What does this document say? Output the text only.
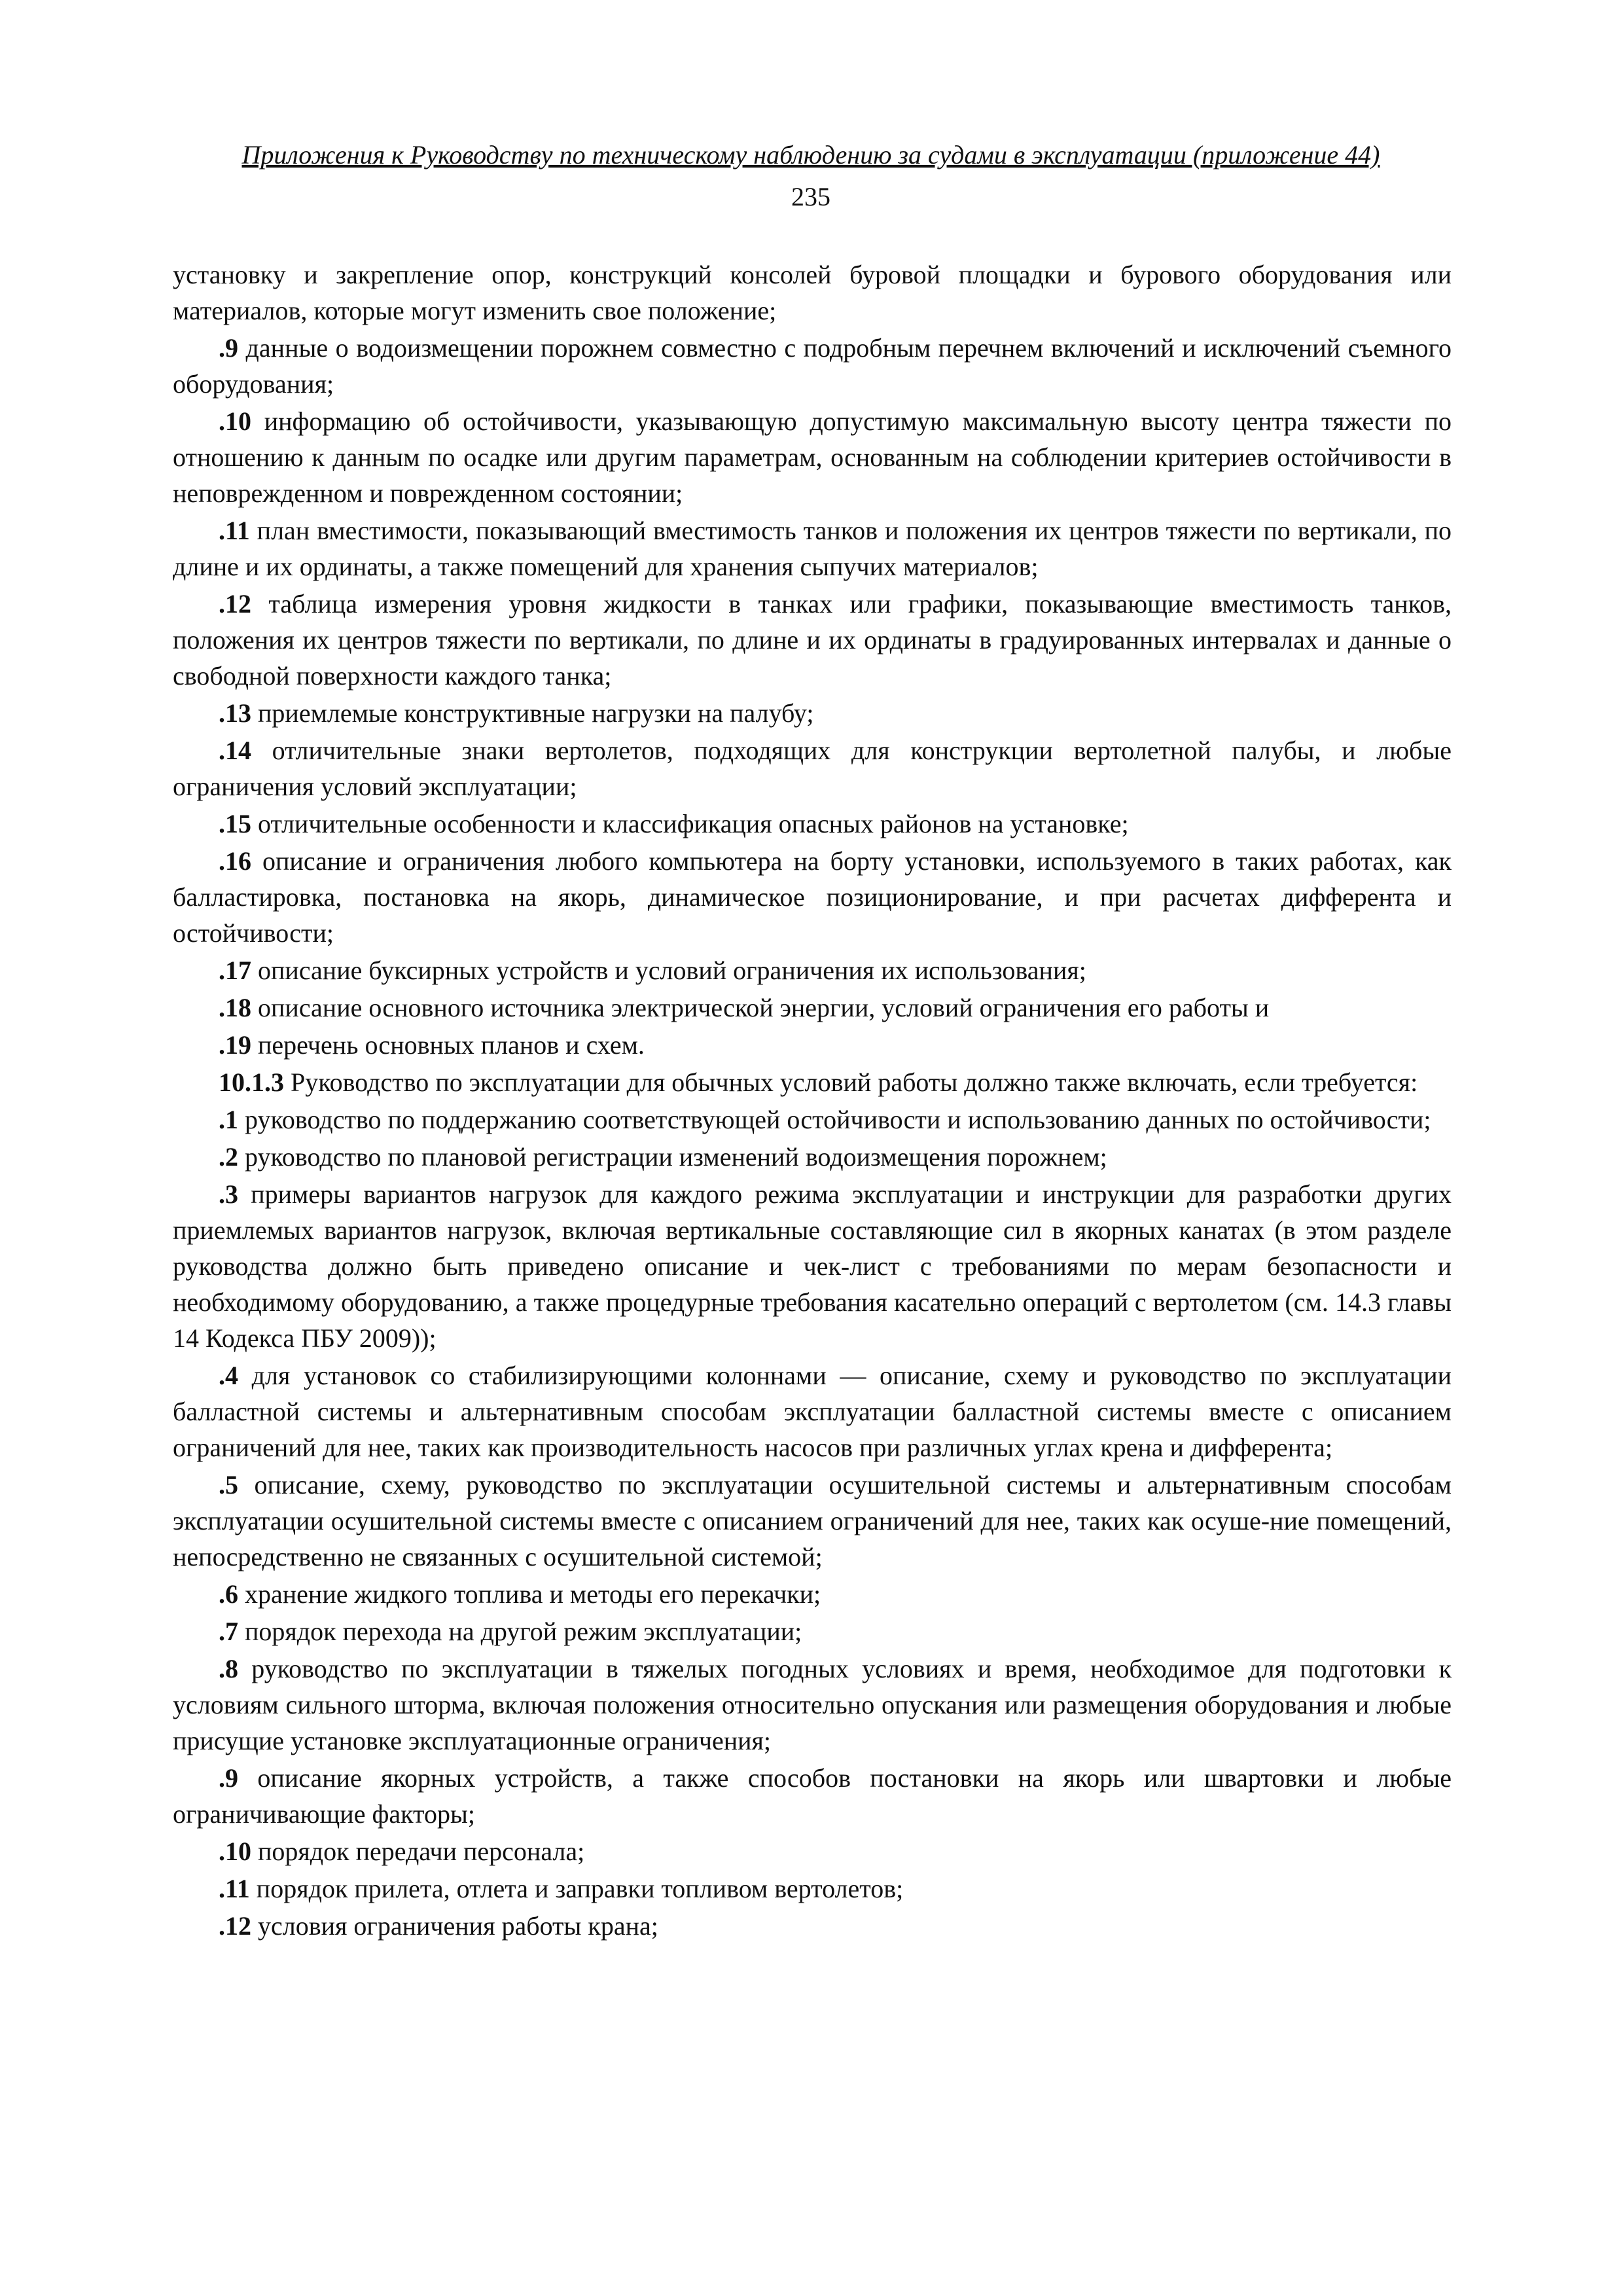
Приложения к Руководству по техническому наблюдению за судами в эксплуатации (приложение 44)
235

установку и закрепление опор, конструкций консолей буровой площадки и бурового оборудования или материалов, которые могут изменить свое положение;

.9 данные о водоизмещении порожнем совместно с подробным перечнем включений и исключений съемного оборудования;

.10 информацию об остойчивости, указывающую допустимую максимальную высоту центра тяжести по отношению к данным по осадке или другим параметрам, основанным на соблюдении критериев остойчивости в неповрежденном и поврежденном состоянии;

.11 план вместимости, показывающий вместимость танков и положения их центров тяжести по вертикали, по длине и их ординаты, а также помещений для хранения сыпучих материалов;

.12 таблица измерения уровня жидкости в танках или графики, показывающие вместимость танков, положения их центров тяжести по вертикали, по длине и их ординаты в градуированных интервалах и данные о свободной поверхности каждого танка;

.13 приемлемые конструктивные нагрузки на палубу;

.14 отличительные знаки вертолетов, подходящих для конструкции вертолетной палубы, и любые ограничения условий эксплуатации;

.15 отличительные особенности и классификация опасных районов на установке;

.16 описание и ограничения любого компьютера на борту установки, используемого в таких работах, как балластировка, постановка на якорь, динамическое позиционирование, и при расчетах дифферента и остойчивости;

.17 описание буксирных устройств и условий ограничения их использования;

.18 описание основного источника электрической энергии, условий ограничения его работы и

.19 перечень основных планов и схем.

10.1.3 Руководство по эксплуатации для обычных условий работы должно также включать, если требуется:

.1 руководство по поддержанию соответствующей остойчивости и использованию данных по остойчивости;

.2 руководство по плановой регистрации изменений водоизмещения порожнем;

.3 примеры вариантов нагрузок для каждого режима эксплуатации и инструкции для разработки других приемлемых вариантов нагрузок, включая вертикальные составляющие сил в якорных канатах (в этом разделе руководства должно быть приведено описание и чек-лист с требованиями по мерам безопасности и необходимому оборудованию, а также процедурные требования касательно операций с вертолетом (см. 14.3 главы 14 Кодекса ПБУ 2009));

.4 для установок со стабилизирующими колоннами — описание, схему и руководство по эксплуатации балластной системы и альтернативным способам эксплуатации балластной системы вместе с описанием ограничений для нее, таких как производительность насосов при различных углах крена и дифферента;

.5 описание, схему, руководство по эксплуатации осушительной системы и альтернативным способам эксплуатации осушительной системы вместе с описанием ограничений для нее, таких как осуше-ние помещений, непосредственно не связанных с осушительной системой;

.6 хранение жидкого топлива и методы его перекачки;

.7 порядок перехода на другой режим эксплуатации;

.8 руководство по эксплуатации в тяжелых погодных условиях и время, необходимое для подготовки к условиям сильного шторма, включая положения относительно опускания или размещения оборудования и любые присущие установке эксплуатационные ограничения;

.9 описание якорных устройств, а также способов постановки на якорь или швартовки и любые ограничивающие факторы;

.10 порядок передачи персонала;

.11 порядок прилета, отлета и заправки топливом вертолетов;

.12 условия ограничения работы крана;
